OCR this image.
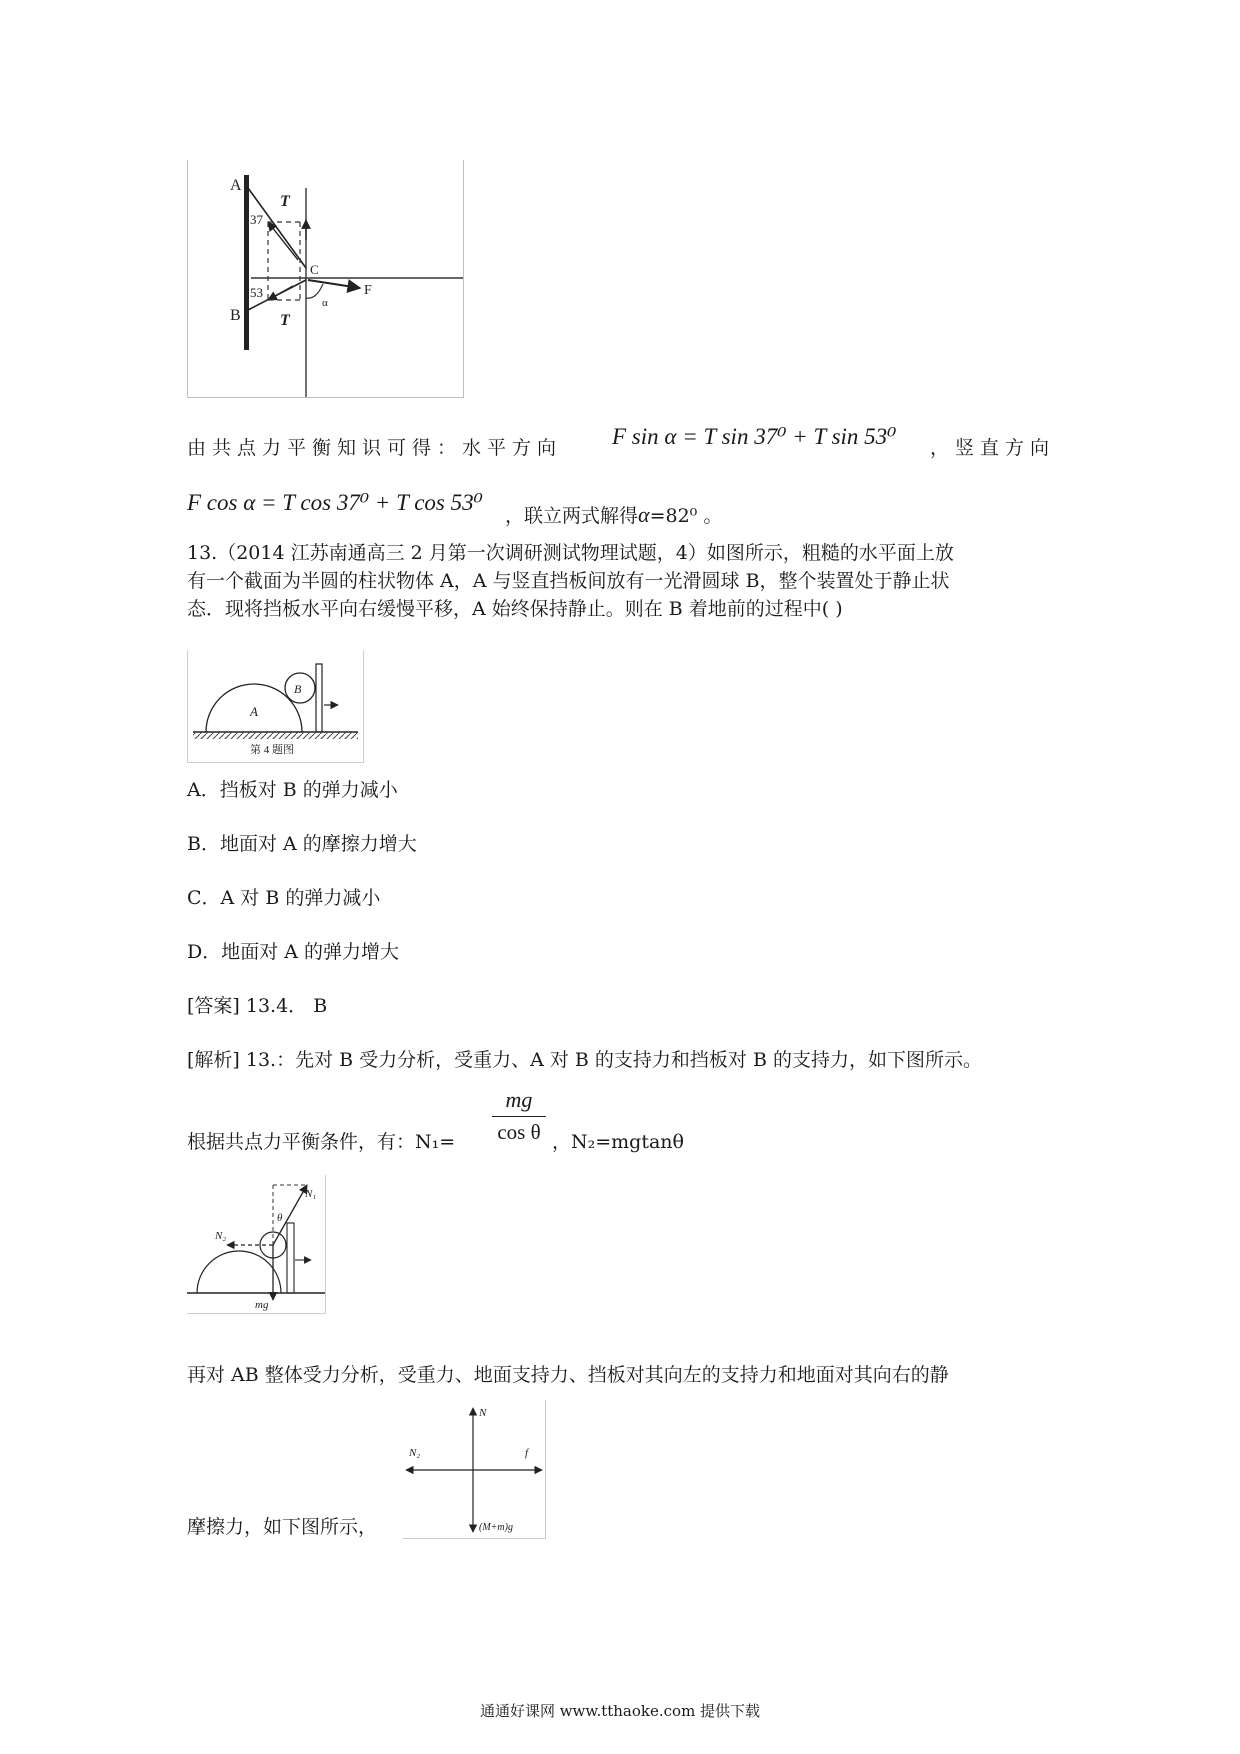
A
B
T
T
37
53
C
F
α
由共点力平衡知识可得：水平方向 F sin α = T sin 37⁰ + T sin 53⁰ ，竖直方向
F cos α = T cos 37⁰ + T cos 53⁰
，联立两式解得α=82⁰ 。
13.（2014 江苏南通高三 2 月第一次调研测试物理试题，4）如图所示，粗糙的水平面上放
有一个截面为半圆的柱状物体 A，A 与竖直挡板间放有一光滑圆球 B，整个装置处于静止状
态．现将挡板水平向右缓慢平移，A 始终保持静止。则在 B 着地前的过程中( )
A
B
第 4 题图
A．挡板对 B 的弹力减小
B．地面对 A 的摩擦力增大
C．A 对 B 的弹力减小
D．地面对 A 的弹力增大
[答案] 13.4． B
[解析] 13.：先对 B 受力分析，受重力、A 对 B 的支持力和挡板对 B 的支持力，如下图所示。
根据共点力平衡条件，有：N₁=
mg
cos θ ，N₂=mgtanθ
N₁
N₂
θ
mg
再对 AB 整体受力分析，受重力、地面支持力、挡板对其向左的支持力和地面对其向右的静
N
N₂	f
(M+m)g
摩擦力，如下图所示，
通通好课网 www.tthaoke.com 提供下载
